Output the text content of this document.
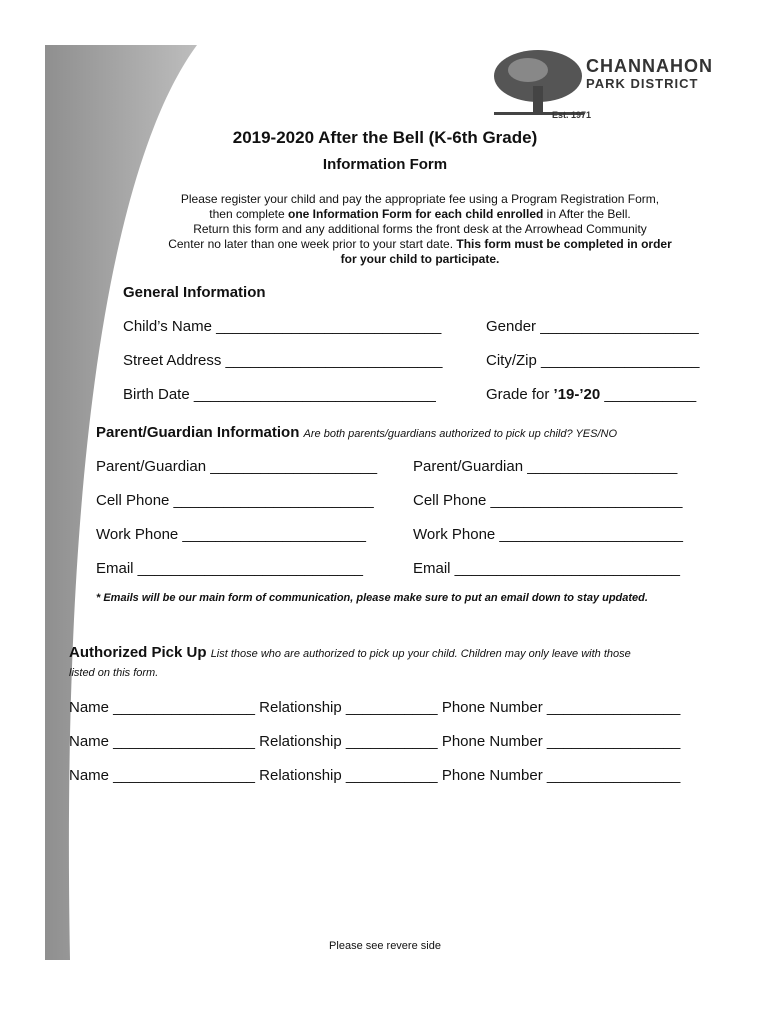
CHANNAHON
PARK DISTRICT
Est. 1971
2019-2020 After the Bell (K-6th Grade)
Information Form
Please register your child and pay the appropriate fee using a Program Registration Form,
then complete one Information Form for each child enrolled in After the Bell.
Return this form and any additional forms the front desk at the Arrowhead Community
Center no later than one week prior to your start date. This form must be completed in order
for your child to participate.
General Information
Child’s Name ___________________________	Gender ___________________
Street Address __________________________	City/Zip ___________________
Birth Date _____________________________	Grade for ’19-’20 ___________
Parent/Guardian Information Are both parents/guardians authorized to pick up child? YES/NO
Parent/Guardian ____________________ Parent/Guardian __________________
Cell Phone ________________________	Cell Phone _______________________
Work Phone ______________________	Work Phone ______________________
Email ___________________________	Email ___________________________
* Emails will be our main form of communication, please make sure to put an email down to stay updated.
Authorized Pick Up List those who are authorized to pick up your child. Children may only leave with those
listed on this form.
Name _________________ Relationship ___________ Phone Number ________________
Name _________________ Relationship ___________ Phone Number ________________
Name _________________ Relationship ___________ Phone Number ________________
Please see revere side
